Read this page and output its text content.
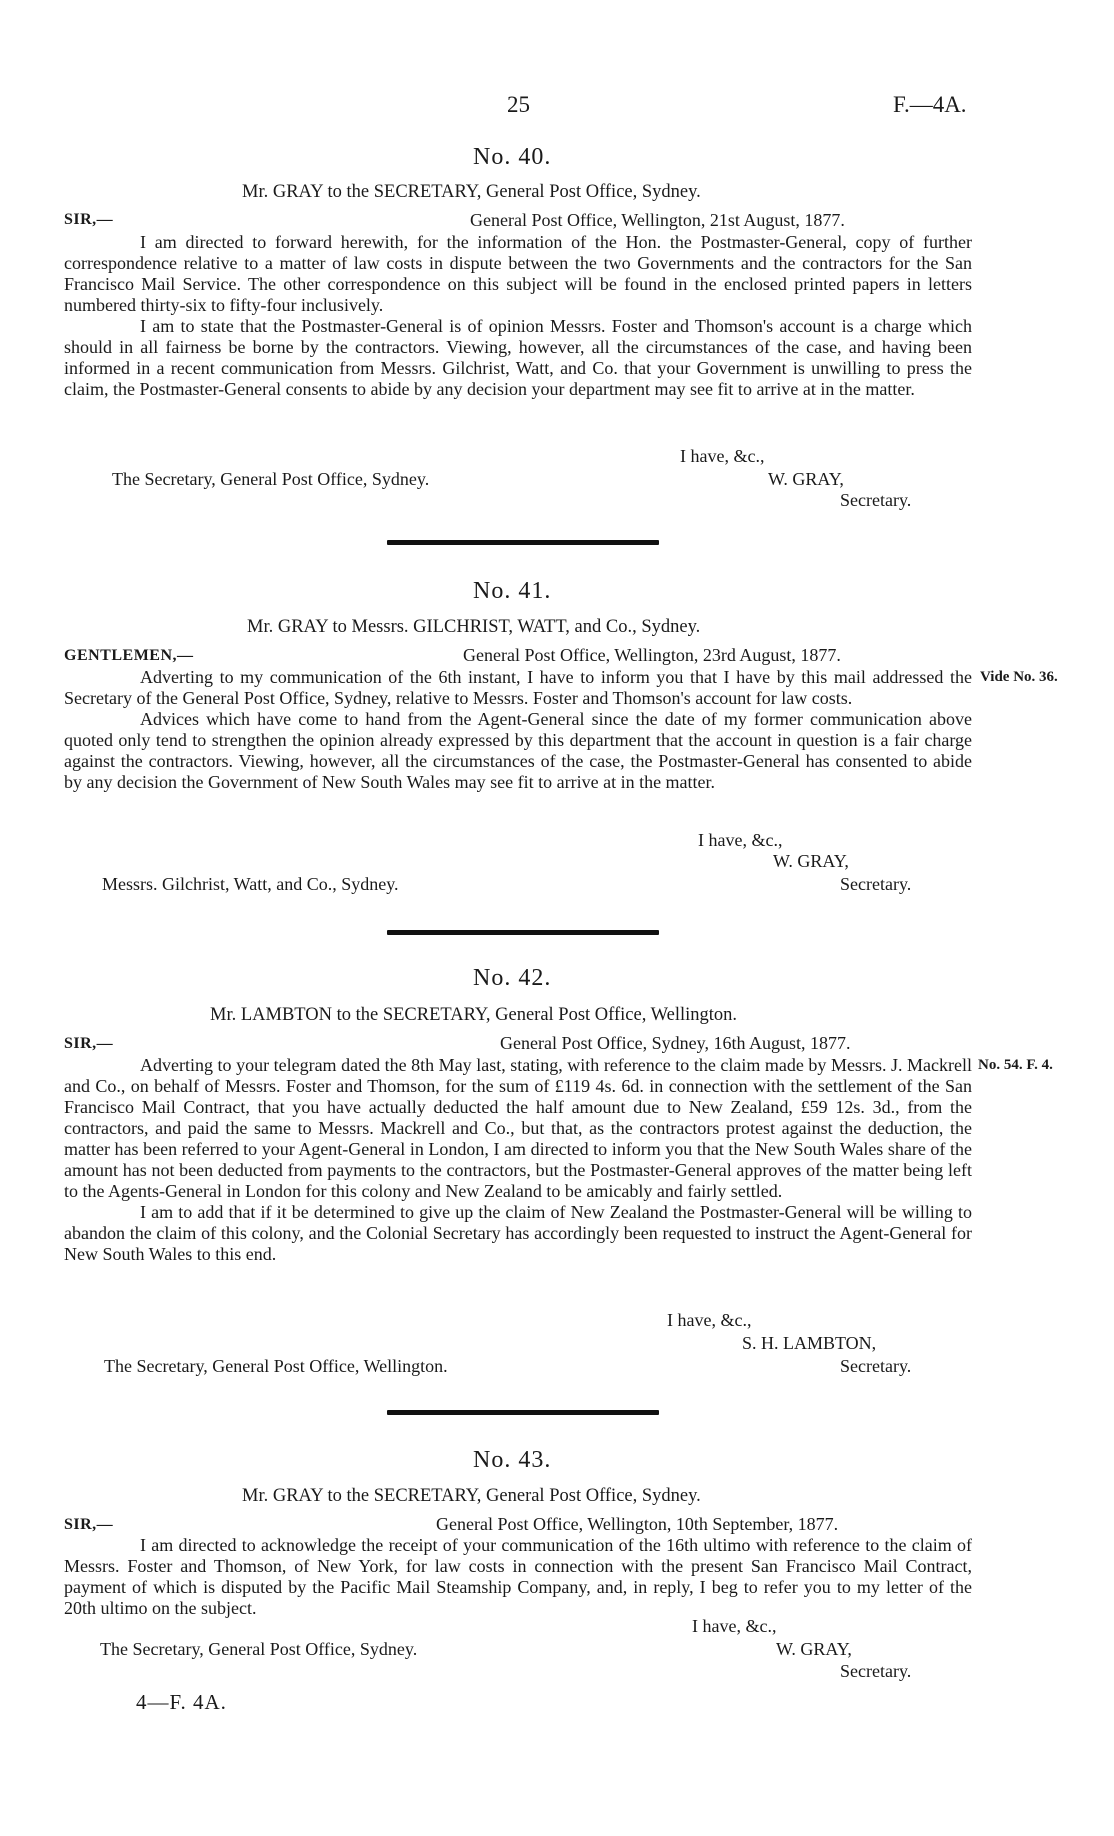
25	F.—4A.
No. 40.
Mr. GRAY to the SECRETARY, General Post Office, Sydney.
SIR,—	General Post Office, Wellington, 21st August, 1877.

I am directed to forward herewith, for the information of the Hon. the Postmaster-General, copy of further correspondence relative to a matter of law costs in dispute between the two Governments and the contractors for the San Francisco Mail Service. The other correspondence on this subject will be found in the enclosed printed papers in letters numbered thirty-six to fifty-four inclusively.

I am to state that the Postmaster-General is of opinion Messrs. Foster and Thomson's account is a charge which should in all fairness be borne by the contractors. Viewing, however, all the circumstances of the case, and having been informed in a recent communication from Messrs. Gilchrist, Watt, and Co. that your Government is unwilling to press the claim, the Postmaster-General consents to abide by any decision your department may see fit to arrive at in the matter.

I have, &c.,
The Secretary, General Post Office, Sydney.	W. GRAY,
Secretary.
No. 41.
Mr. GRAY to Messrs. GILCHRIST, WATT, and Co., Sydney.
GENTLEMEN,—	General Post Office, Wellington, 23rd August, 1877.
Vide No. 36.

Adverting to my communication of the 6th instant, I have to inform you that I have by this mail addressed the Secretary of the General Post Office, Sydney, relative to Messrs. Foster and Thomson's account for law costs.

Advices which have come to hand from the Agent-General since the date of my former communication above quoted only tend to strengthen the opinion already expressed by this department that the account in question is a fair charge against the contractors. Viewing, however, all the circumstances of the case, the Postmaster-General has consented to abide by any decision the Government of New South Wales may see fit to arrive at in the matter.

I have, &c.,
W. GRAY,
Messrs. Gilchrist, Watt, and Co., Sydney.	Secretary.
No. 42.
Mr. LAMBTON to the SECRETARY, General Post Office, Wellington.
SIR,—	General Post Office, Sydney, 16th August, 1877.
No. 54. F. 4.

Adverting to your telegram dated the 8th May last, stating, with reference to the claim made by Messrs. J. Mackrell and Co., on behalf of Messrs. Foster and Thomson, for the sum of £119 4s. 6d. in connection with the settlement of the San Francisco Mail Contract, that you have actually deducted the half amount due to New Zealand, £59 12s. 3d., from the contractors, and paid the same to Messrs. Mackrell and Co., but that, as the contractors protest against the deduction, the matter has been referred to your Agent-General in London, I am directed to inform you that the New South Wales share of the amount has not been deducted from payments to the contractors, but the Postmaster-General approves of the matter being left to the Agents-General in London for this colony and New Zealand to be amicably and fairly settled.

I am to add that if it be determined to give up the claim of New Zealand the Postmaster-General will be willing to abandon the claim of this colony, and the Colonial Secretary has accordingly been requested to instruct the Agent-General for New South Wales to this end.

I have, &c.,
S. H. LAMBTON,
The Secretary, General Post Office, Wellington.	Secretary.
No. 43.
Mr. GRAY to the SECRETARY, General Post Office, Sydney.
SIR,—	General Post Office, Wellington, 10th September, 1877.

I am directed to acknowledge the receipt of your communication of the 16th ultimo with reference to the claim of Messrs. Foster and Thomson, of New York, for law costs in connection with the present San Francisco Mail Contract, payment of which is disputed by the Pacific Mail Steamship Company, and, in reply, I beg to refer you to my letter of the 20th ultimo on the subject.

I have, &c.,
The Secretary, General Post Office, Sydney.	W. GRAY,
Secretary.
4—F. 4A.
